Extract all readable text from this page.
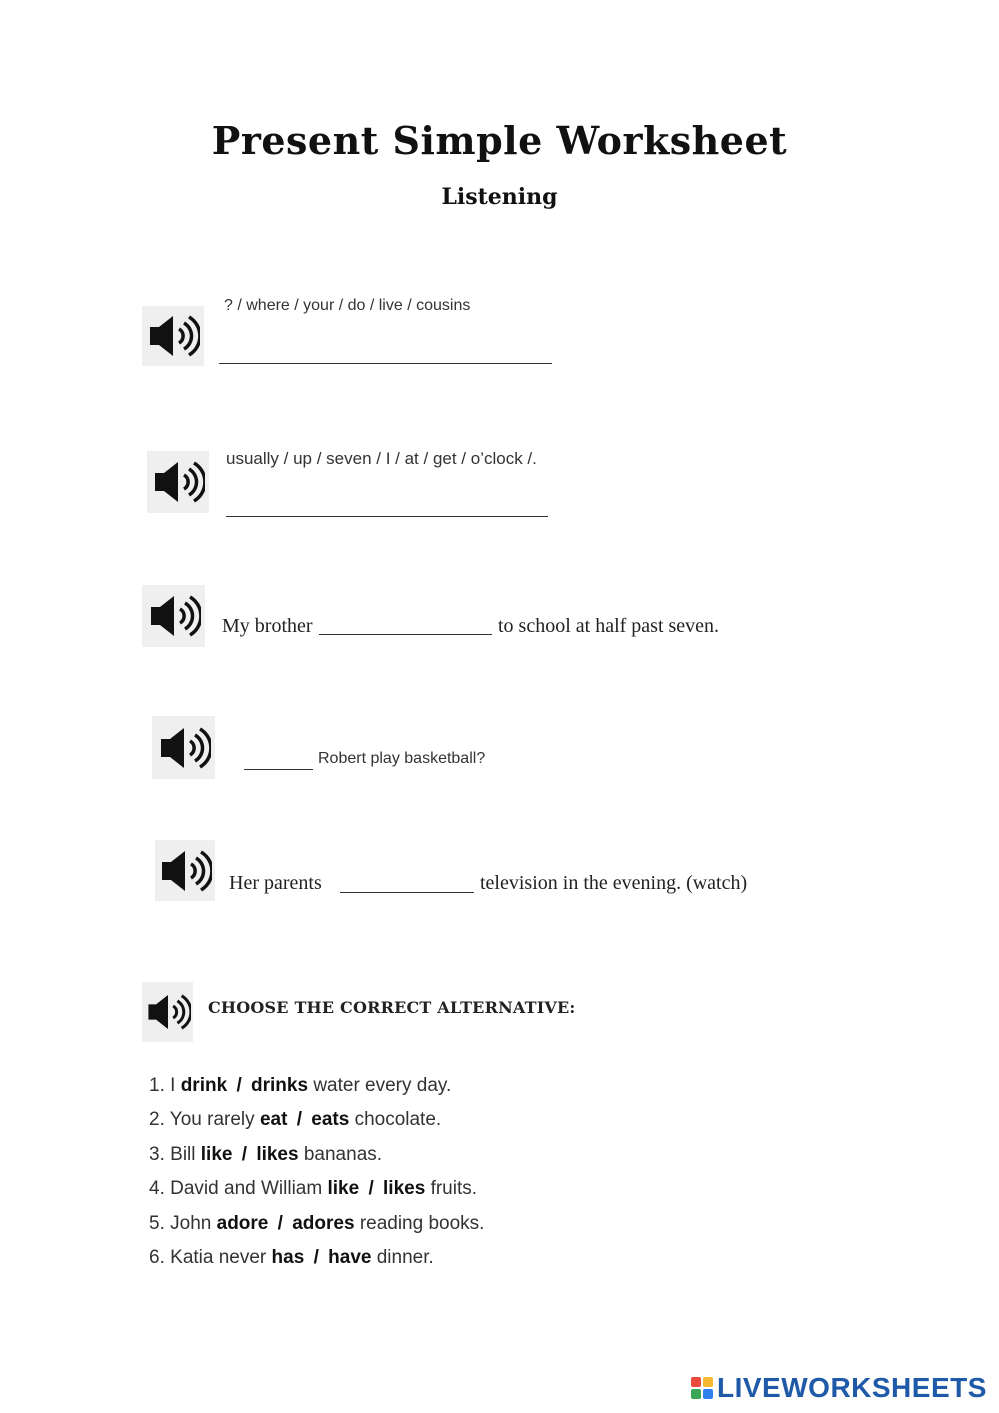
Present Simple Worksheet
Listening
? / where / your / do / live / cousins
usually / up / seven / I / at / get / o’clock /.
My brother	to school at half past seven.
Robert play basketball?
Her parents	television in the evening. (watch)
CHOOSE THE CORRECT ALTERNATIVE:
1. I drink / drinks water every day.
2. You rarely eat / eats chocolate.
3. Bill like / likes bananas.
4. David and William like / likes fruits.
5. John adore / adores reading books.
6. Katia never has / have dinner.
LIVEWORKSHEETS
